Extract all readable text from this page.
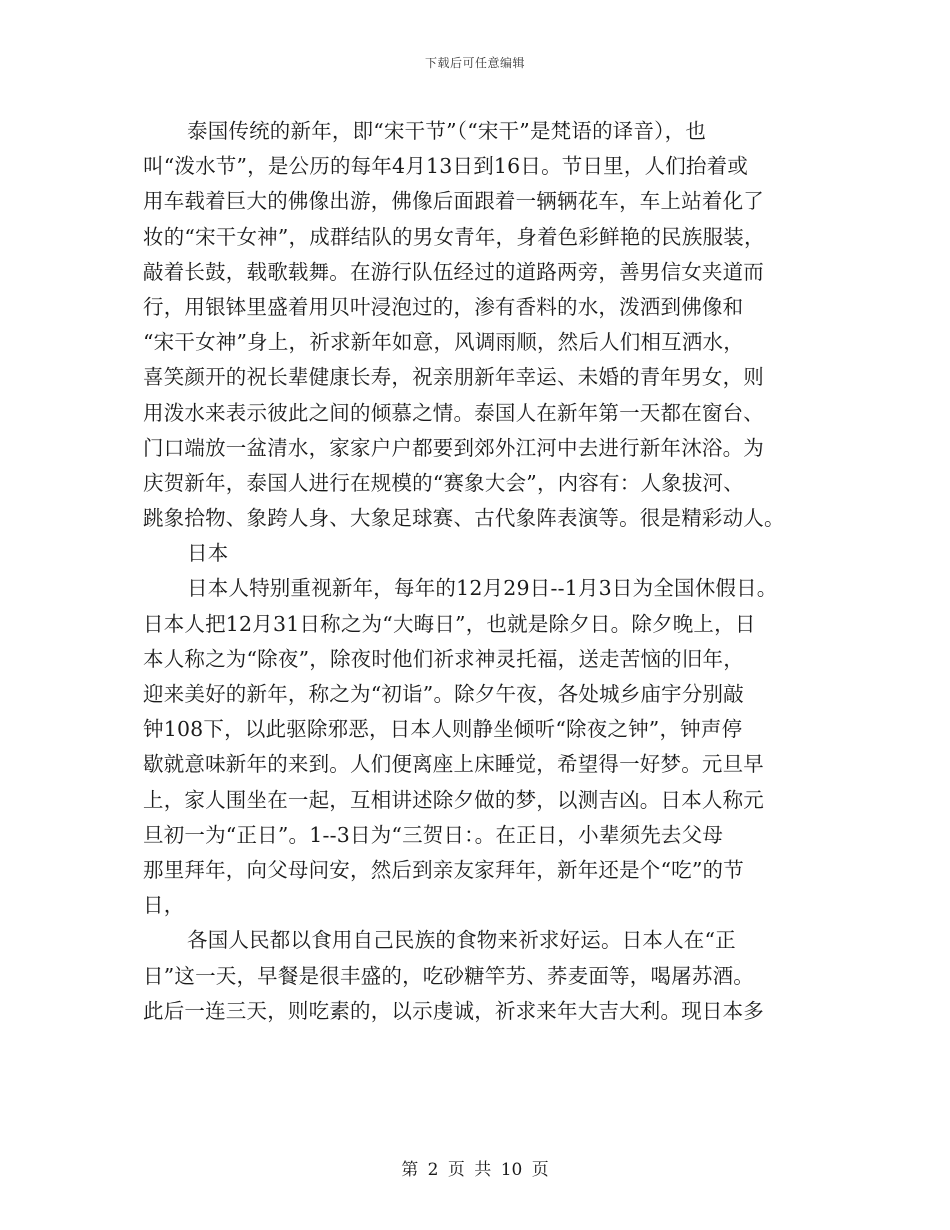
下载后可任意编辑
泰国传统的新年，即“宋干节”（“宋干”是梵语的译音），也
叫“泼水节”，是公历的每年4月13日到16日。节日里，人们抬着或
用车载着巨大的佛像出游，佛像后面跟着一辆辆花车，车上站着化了
妆的“宋干女神”，成群结队的男女青年，身着色彩鲜艳的民族服装，
敲着长鼓，载歌载舞。在游行队伍经过的道路两旁，善男信女夹道而
行，用银钵里盛着用贝叶浸泡过的，渗有香料的水，泼洒到佛像和
“宋干女神”身上，祈求新年如意，风调雨顺，然后人们相互洒水，
喜笑颜开的祝长辈健康长寿，祝亲朋新年幸运、未婚的青年男女，则
用泼水来表示彼此之间的倾慕之情。泰国人在新年第一天都在窗台、
门口端放一盆清水，家家户户都要到郊外江河中去进行新年沐浴。为
庆贺新年，泰国人进行在规模的“赛象大会”，内容有：人象拔河、
跳象拾物、象跨人身、大象足球赛、古代象阵表演等。很是精彩动人。
日本
日本人特别重视新年，每年的12月29日--1月3日为全国休假日。
日本人把12月31日称之为“大晦日”，也就是除夕日。除夕晚上，日
本人称之为“除夜”，除夜时他们祈求神灵托福，送走苦恼的旧年，
迎来美好的新年，称之为“初诣”。除夕午夜，各处城乡庙宇分别敲
钟108下，以此驱除邪恶，日本人则静坐倾听“除夜之钟”，钟声停
歇就意味新年的来到。人们便离座上床睡觉，希望得一好梦。元旦早
上，家人围坐在一起，互相讲述除夕做的梦，以测吉凶。日本人称元
旦初一为“正日”。1--3日为“三贺日：。在正日，小辈须先去父母
那里拜年，向父母问安，然后到亲友家拜年，新年还是个“吃”的节
日，
各国人民都以食用自己民族的食物来祈求好运。日本人在“正
日”这一天，早餐是很丰盛的，吃砂糖竿艻、荞麦面等，喝屠苏酒。
此后一连三天，则吃素的，以示虔诚，祈求来年大吉大利。现日本多
第 2 页 共 10 页
